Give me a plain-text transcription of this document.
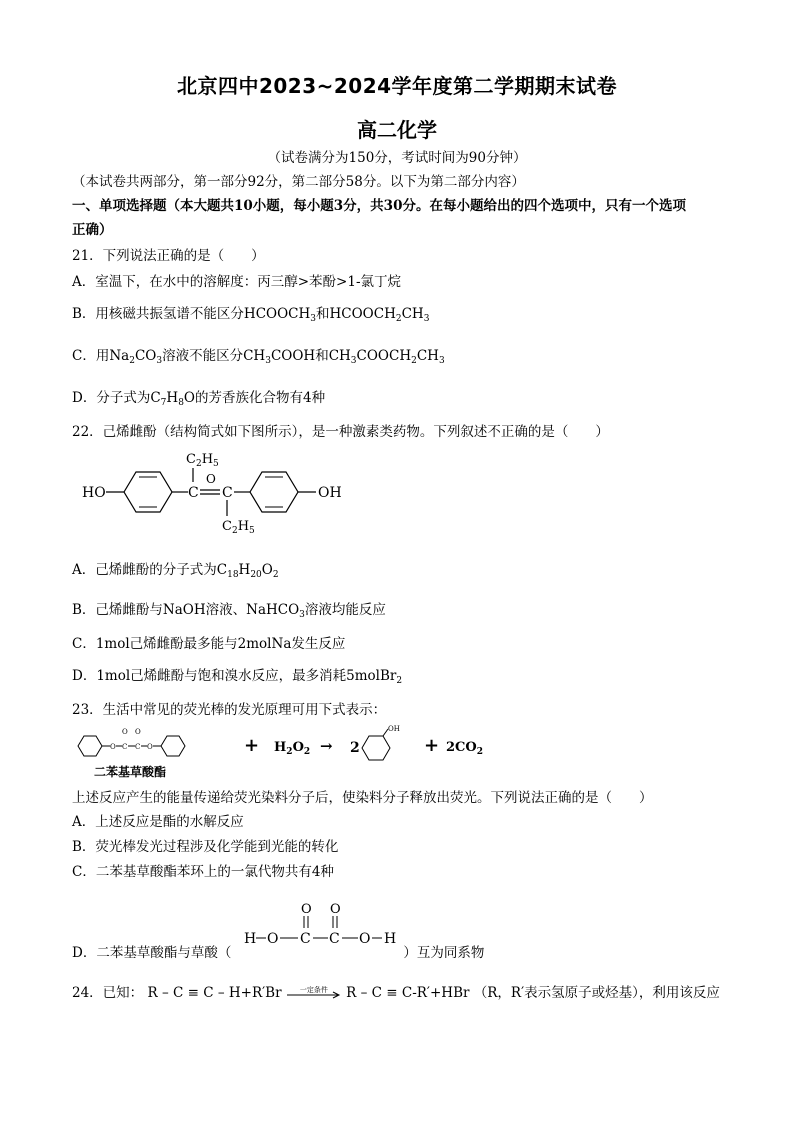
北京四中2023~2024学年度第二学期期末试卷
高二化学
（试卷满分为150分，考试时间为90分钟）
（本试卷共两部分，第一部分92分，第二部分58分。以下为第二部分内容）
一、单项选择题（本大题共10小题，每小题3分，共30分。在每小题给出的四个选项中，只有一个选项
正确）
21．下列说法正确的是（　　）
A．室温下，在水中的溶解度：丙三醇>苯酚>1-氯丁烷
B．用核磁共振氢谱不能区分$HCOOCH_3$和$HCOOCH_2CH_3$
C．用$Na_2CO_3$溶液不能区分$CH_3COOH$和$CH_3COOCH_2CH_3$
D．分子式为$C_7H_8O$的芳香族化合物有4种
22．己烯雌酚（结构简式如下图所示），是一种激素类药物。下列叙述不正确的是（　　）
HO	C C
O
$C_2H_5$
$C_2H_5$
OH
A．己烯雌酚的分子式为$C_{18}H_{20}O_2$
B．己烯雌酚与NaOH溶液、NaHCO$_3$溶液均能反应
C．1mol己烯雌酚最多能与2molNa发生反应
D．1mol己烯雌酚与饱和溴水反应，最多消耗5molBr$_2$
23．生活中常见的荧光棒的发光原理可用下式表示：
O C
O
C
O
O
二苯基草酸酯
+ $H_2O_2 \to 2$
OH
+ $2CO_2$
上述反应产生的能量传递给荧光染料分子后，使染料分子释放出荧光。下列说法正确的是（　　）
A．上述反应是酯的水解反应
B．荧光棒发光过程涉及化学能到光能的转化
C．二苯基草酸酯苯环上的一氯代物共有4种
D．二苯基草酸酯与草酸（	）互为同系物
H O C
O
C
O
O H
24．已知： R – C ≡ C – H+R′Br	一定条件	R – C ≡ C-R′+HBr （R，R′表示氢原子或烃基），利用该反应
